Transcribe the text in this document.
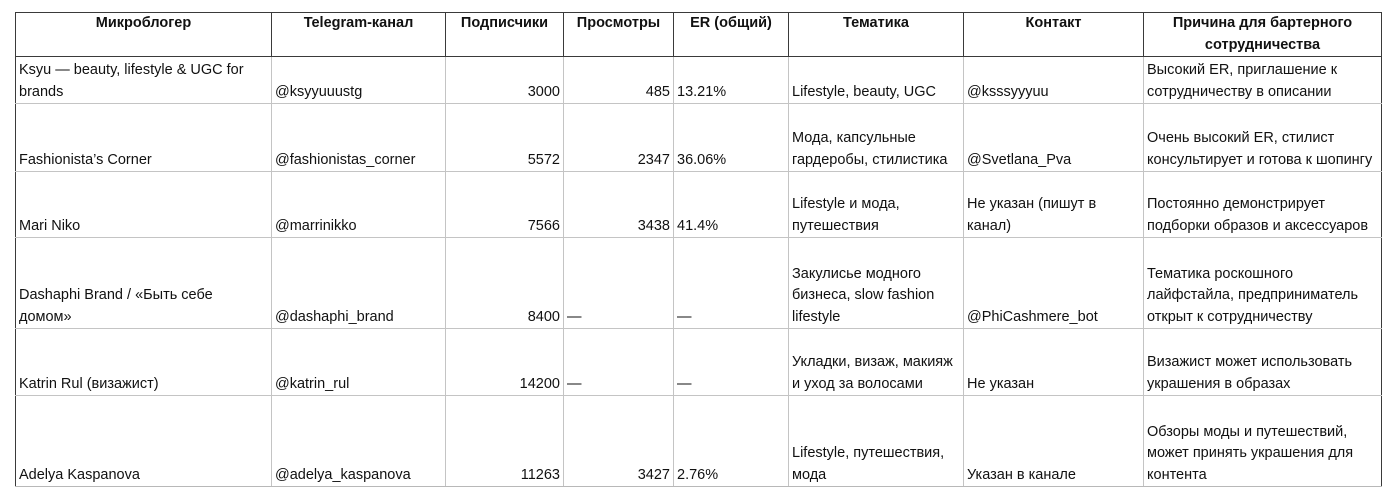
Микроблогер	Telegram-канал	Подписчики	Просмотры	ER (общий)	Тематика	Контакт	Причина для бартерного сотрудничества
Ksyu — beauty, lifestyle & UGC for brands	@ksyyuuustg	3000	485	13.21%	Lifestyle, beauty, UGC	@ksssyyyuu	Высокий ER, приглашение к сотрудничеству в описании
Fashionista’s Corner	@fashionistas_corner	5572	2347	36.06%	Мода, капсульные гардеробы, стилистика	@Svetlana_Pva	Очень высокий ER, стилист консультирует и готова к шопингу
Mari Niko	@marrinikko	7566	3438	41.4%	Lifestyle и мода, путешествия	Не указан (пишут в канал)	Постоянно демонстрирует подборки образов и аксессуаров
Dashaphi Brand / «Быть себе домом»	@dashaphi_brand	8400	—	—	Закулисье модного бизнеса, slow fashion lifestyle	@PhiCashmere_bot	Тематика роскошного лайфстайла, предприниматель открыт к сотрудничеству
Katrin Rul (визажист)	@katrin_rul	14200	—	—	Укладки, визаж, макияж и уход за волосами	Не указан	Визажист может использовать украшения в образах
Adelya Kaspanova	@adelya_kaspanova	11263	3427	2.76%	Lifestyle, путешествия, мода	Указан в канале	Обзоры моды и путешествий, может принять украшения для контента
